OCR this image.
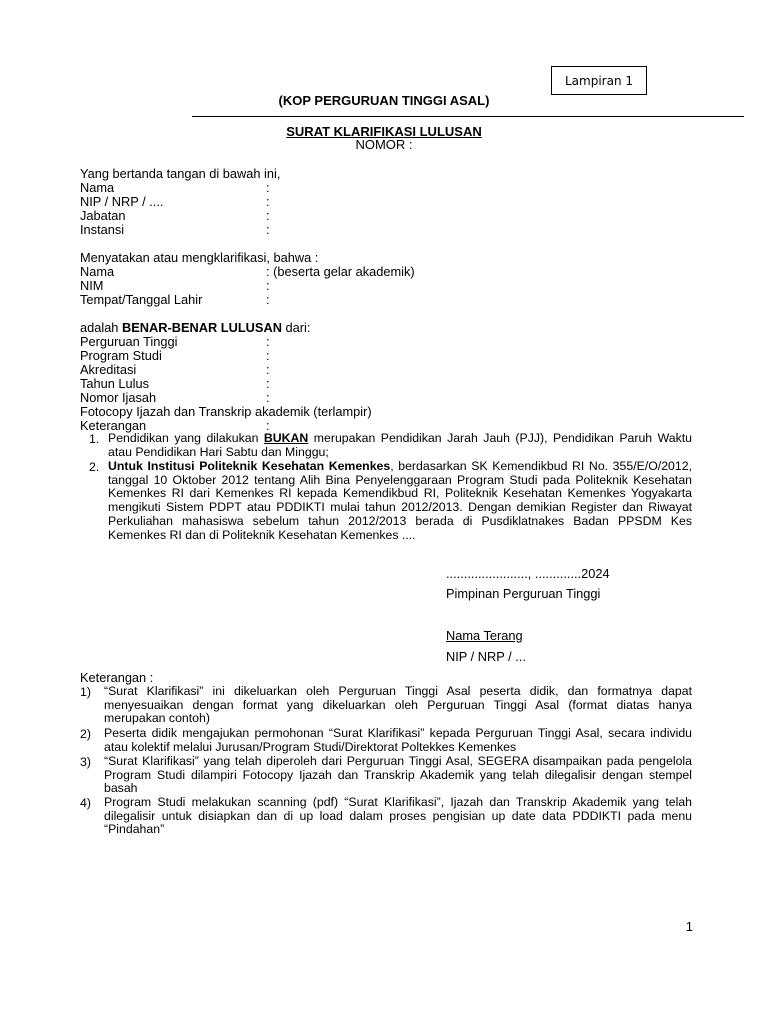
Lampiran 1
(KOP PERGURUAN TINGGI ASAL)
SURAT KLARIFIKASI LULUSAN
NOMOR :
Yang bertanda tangan di bawah ini,
Nama	:
NIP / NRP / ....	:
Jabatan	:
Instansi	:
Menyatakan atau mengklarifikasi, bahwa :
Nama	: (beserta gelar akademik)
NIM	:
Tempat/Tanggal Lahir	:
adalah BENAR-BENAR LULUSAN dari:
Perguruan Tinggi	:
Program Studi	:
Akreditasi	:
Tahun Lulus	:
Nomor Ijasah	:
Fotocopy Ijazah dan Transkrip akademik (terlampir)
Keterangan	:
1. Pendidikan yang dilakukan BUKAN merupakan Pendidikan Jarah Jauh (PJJ), Pendidikan Paruh Waktu atau Pendidikan Hari Sabtu dan Minggu;
2. Untuk Institusi Politeknik Kesehatan Kemenkes, berdasarkan SK Kemendikbud RI No. 355/E/O/2012, tanggal 10 Oktober 2012 tentang Alih Bina Penyelenggaraan Program Studi pada Politeknik Kesehatan Kemenkes RI dari Kemenkes RI kepada Kemendikbud RI, Politeknik Kesehatan Kemenkes Yogyakarta mengikuti Sistem PDPT atau PDDIKTI mulai tahun 2012/2013. Dengan demikian Register dan Riwayat Perkuliahan mahasiswa sebelum tahun 2012/2013 berada di Pusdiklatnakes Badan PPSDM Kes Kemenkes RI dan di Politeknik Kesehatan Kemenkes ....
......................., .............2024
Pimpinan Perguruan Tinggi
Nama Terang
NIP / NRP / ...
Keterangan :
1) “Surat Klarifikasi” ini dikeluarkan oleh Perguruan Tinggi Asal peserta didik, dan formatnya dapat menyesuaikan dengan format yang dikeluarkan oleh Perguruan Tinggi Asal (format diatas hanya merupakan contoh)
2) Peserta didik mengajukan permohonan “Surat Klarifikasi” kepada Perguruan Tinggi Asal, secara individu atau kolektif melalui Jurusan/Program Studi/Direktorat Poltekkes Kemenkes
3) “Surat Klarifikasi” yang telah diperoleh dari Perguruan Tinggi Asal, SEGERA disampaikan pada pengelola Program Studi dilampiri Fotocopy Ijazah dan Transkrip Akademik yang telah dilegalisir dengan stempel basah
4) Program Studi melakukan scanning (pdf) “Surat Klarifikasi”, Ijazah dan Transkrip Akademik yang telah dilegalisir untuk disiapkan dan di up load dalam proses pengisian up date data PDDIKTI pada menu “Pindahan”
1
